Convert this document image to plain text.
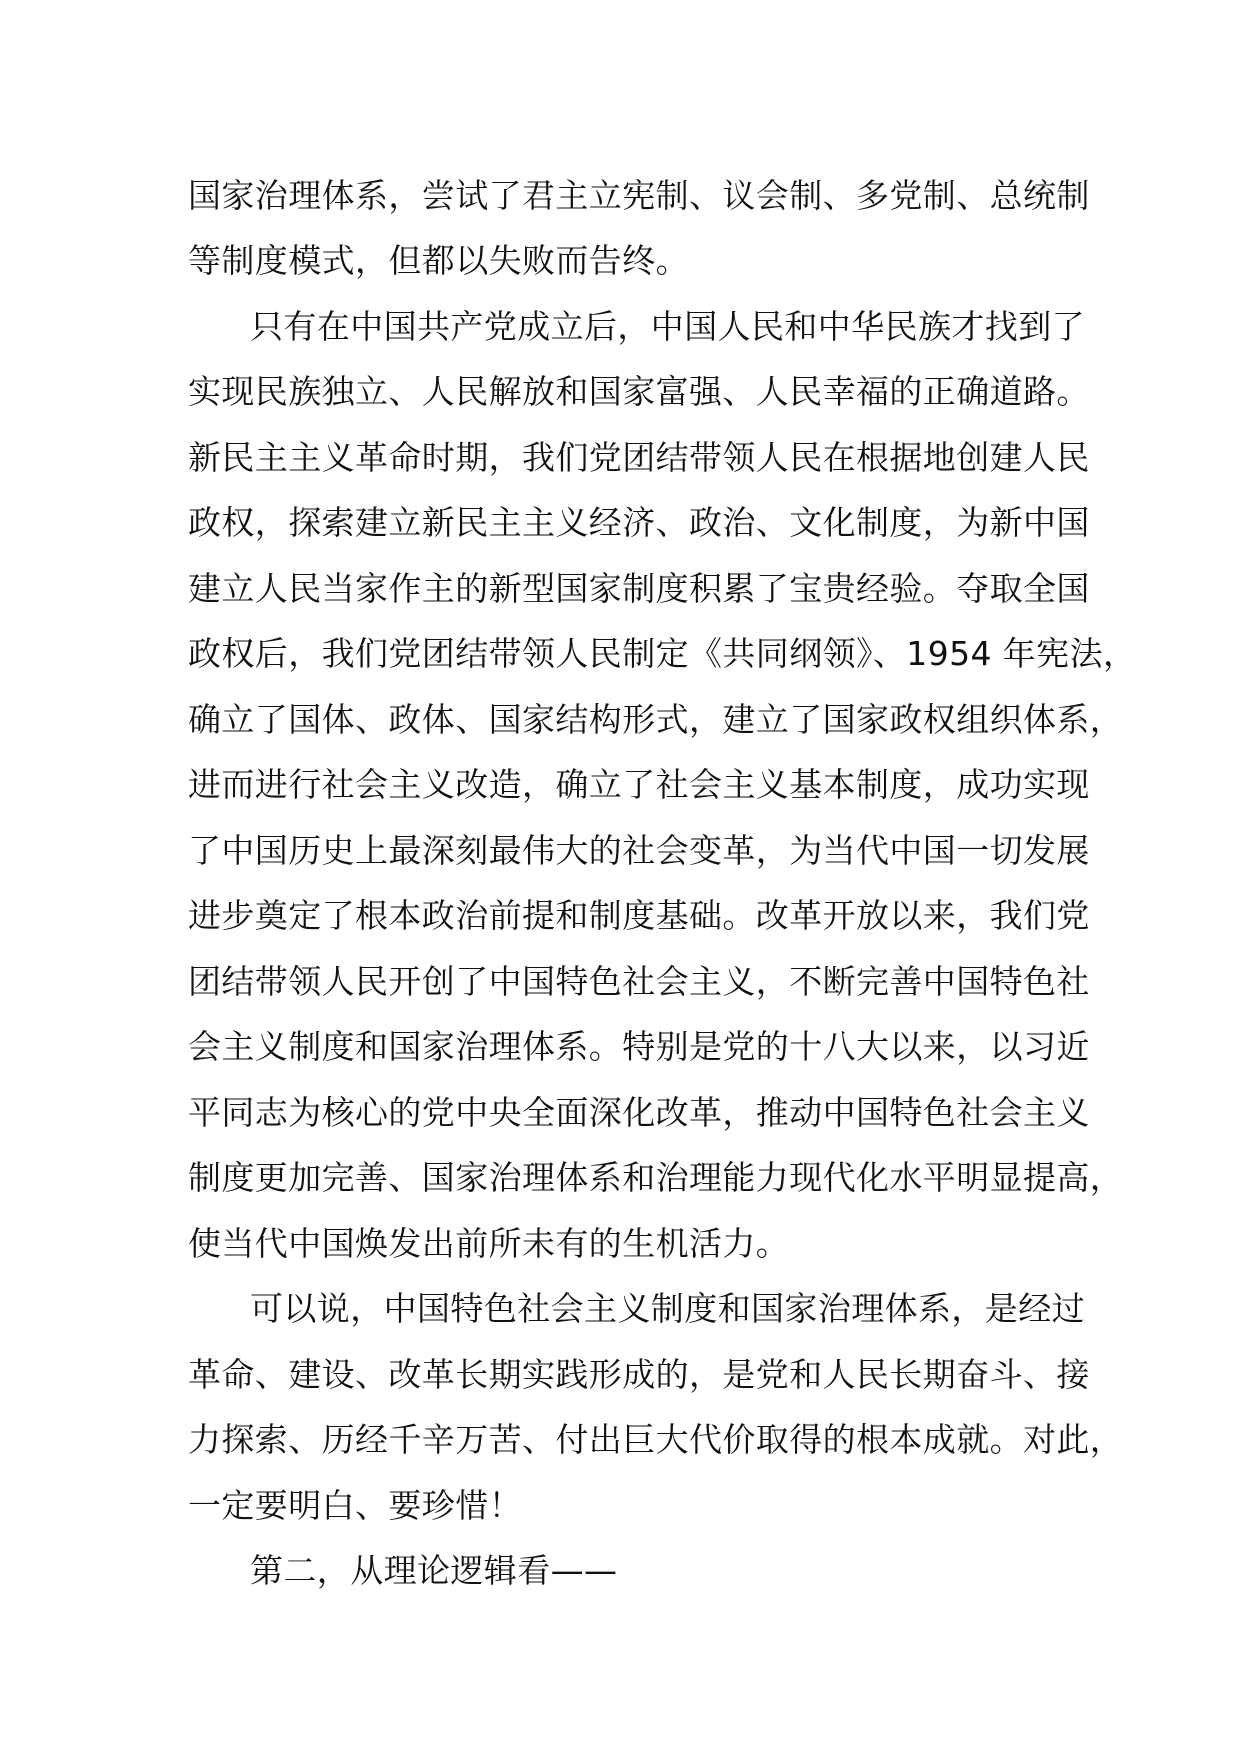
国家治理体系，尝试了君主立宪制、议会制、多党制、总统制
等制度模式，但都以失败而告终。
只有在中国共产党成立后，中国人民和中华民族才找到了
实现民族独立、人民解放和国家富强、人民幸福的正确道路。
新民主主义革命时期，我们党团结带领人民在根据地创建人民
政权，探索建立新民主主义经济、政治、文化制度，为新中国
建立人民当家作主的新型国家制度积累了宝贵经验。夺取全国
政权后，我们党团结带领人民制定《共同纲领》、1954 年宪法，
确立了国体、政体、国家结构形式，建立了国家政权组织体系，
进而进行社会主义改造，确立了社会主义基本制度，成功实现
了中国历史上最深刻最伟大的社会变革，为当代中国一切发展
进步奠定了根本政治前提和制度基础。改革开放以来，我们党
团结带领人民开创了中国特色社会主义，不断完善中国特色社
会主义制度和国家治理体系。特别是党的十八大以来，以习近
平同志为核心的党中央全面深化改革，推动中国特色社会主义
制度更加完善、国家治理体系和治理能力现代化水平明显提高，
使当代中国焕发出前所未有的生机活力。
可以说，中国特色社会主义制度和国家治理体系，是经过
革命、建设、改革长期实践形成的，是党和人民长期奋斗、接
力探索、历经千辛万苦、付出巨大代价取得的根本成就。对此，
一定要明白、要珍惜！
第二，从理论逻辑看——
